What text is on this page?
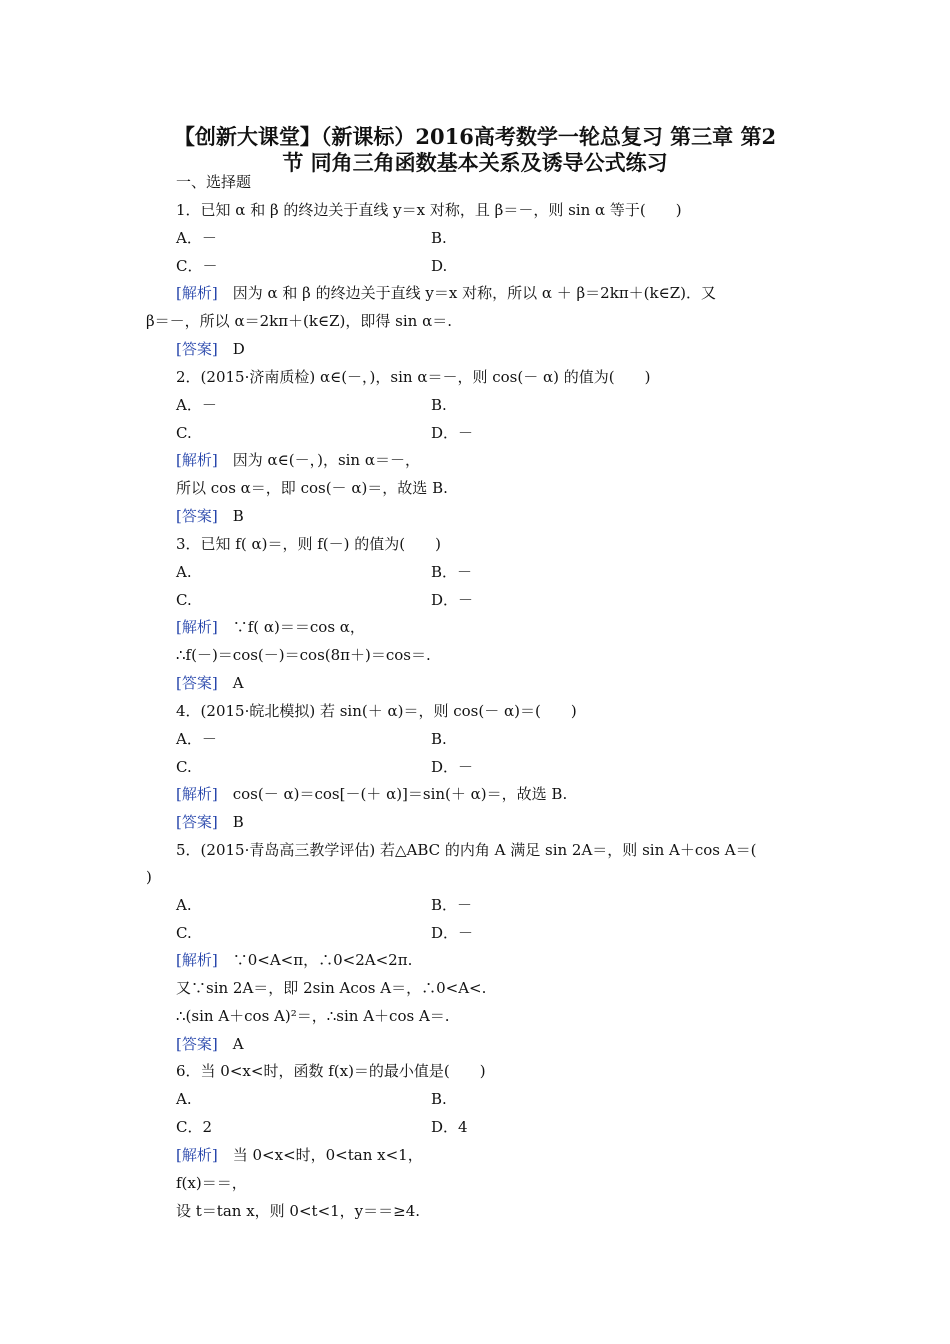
【创新大课堂】（新课标）2016高考数学一轮总复习 第三章 第2
节 同角三角函数基本关系及诱导公式练习
一、选择题
1．已知 α 和 β 的终边关于直线 y＝x 对称，且 β＝－，则 sin α 等于(　　)
A．－	B.
C．－	D.
[解析]　 因为 α 和 β 的终边关于直线 y＝x 对称，所以 α ＋ β＝2kπ＋(k∈Z)．又
β＝－，所以 α＝2kπ＋(k∈Z)，即得 sin α＝.
[答案]　 D
2．(2015·济南质检) α∈(－，)，sin α＝－，则 cos(－ α) 的值为(　　)
A．－	B.
C.	D．－
[解析]　 因为 α∈(－，)，sin α＝－，
所以 cos α＝，即 cos(－ α)＝，故选 B.
[答案]　 B
3．已知 f( α)＝，则 f(－) 的值为(　　)
A.	B．－
C.	D．－
[解析]　 ∵f( α)＝＝cos α，
∴f(－)＝cos(－)＝cos(8π＋)＝cos＝.
[答案]　 A
4．(2015·皖北模拟) 若 sin(＋ α)＝，则 cos(－ α)＝(　　)
A．－	B.
C.	D．－
[解析]　 cos(－ α)＝cos[－(＋ α)]＝sin(＋ α)＝，故选 B.
[答案]　 B
5．(2015·青岛高三教学评估) 若△ABC 的内角 A 满足 sin 2A＝，则 sin A＋cos A＝(
)
A.	B．－
C.	D．－
[解析]　 ∵0<A<π，∴0<2A<2π.
又∵sin 2A＝，即 2sin Acos A＝，∴0<A<.
∴(sin A＋cos A)²＝，∴sin A＋cos A＝.
[答案]　 A
6．当 0<x<时，函数 f(x)＝的最小值是(　　)
A.	B.
C．2	D．4
[解析]　 当 0<x<时，0<tan x<1，
f(x)＝＝，
设 t＝tan x，则 0<t<1，y＝＝≥4.
